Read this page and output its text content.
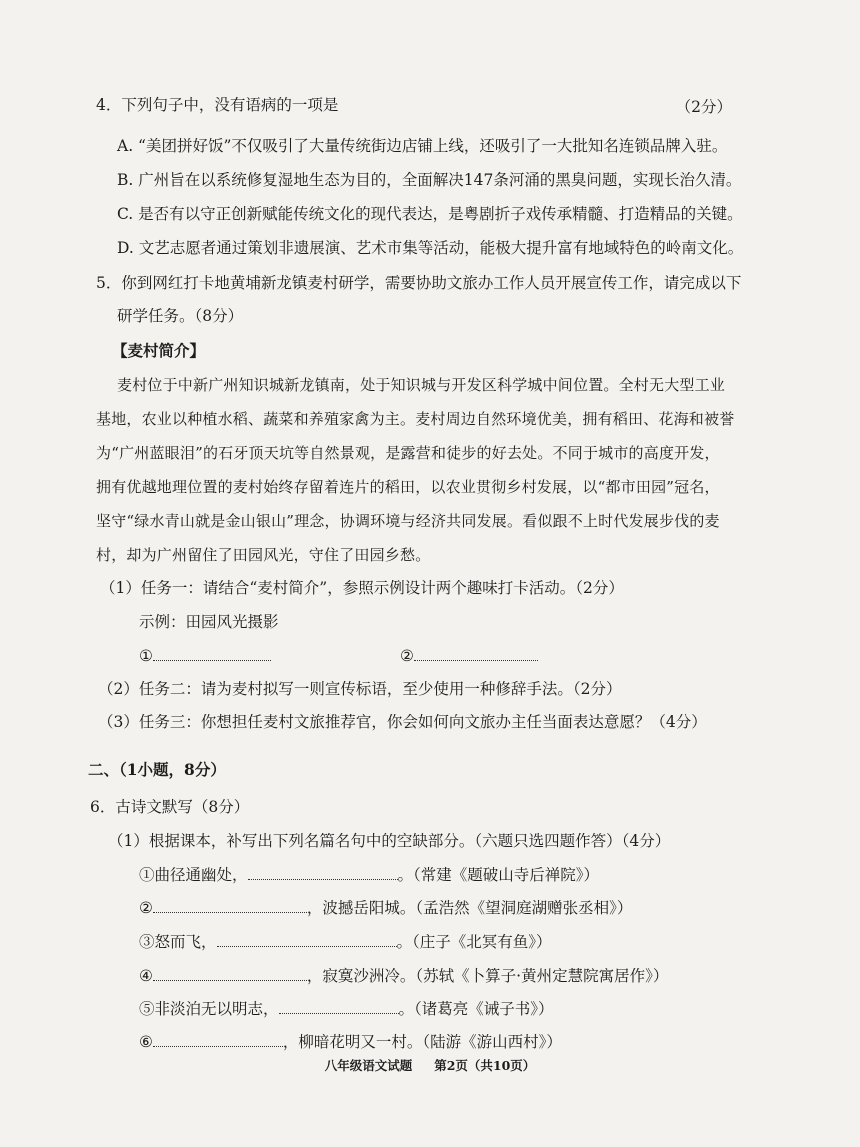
4．下列句子中，没有语病的一项是	（2分）
A. “美团拼好饭”不仅吸引了大量传统街边店铺上线，还吸引了一大批知名连锁品牌入驻。
B. 广州旨在以系统修复湿地生态为目的，全面解决147条河涌的黑臭问题，实现长治久清。
C. 是否有以守正创新赋能传统文化的现代表达，是粤剧折子戏传承精髓、打造精品的关键。
D. 文艺志愿者通过策划非遗展演、艺术市集等活动，能极大提升富有地域特色的岭南文化。
5．你到网红打卡地黄埔新龙镇麦村研学，需要协助文旅办工作人员开展宣传工作，请完成以下
研学任务。（8分）
【麦村简介】
麦村位于中新广州知识城新龙镇南，处于知识城与开发区科学城中间位置。全村无大型工业
基地，农业以种植水稻、蔬菜和养殖家禽为主。麦村周边自然环境优美，拥有稻田、花海和被誉
为“广州蓝眼泪”的石牙顶天坑等自然景观，是露营和徒步的好去处。不同于城市的高度开发，
拥有优越地理位置的麦村始终存留着连片的稻田，以农业贯彻乡村发展，以“都市田园”冠名，
坚守“绿水青山就是金山银山”理念，协调环境与经济共同发展。看似跟不上时代发展步伐的麦
村，却为广州留住了田园风光，守住了田园乡愁。
（1）任务一：请结合“麦村简介”，参照示例设计两个趣味打卡活动。（2分）
示例：田园风光摄影
①	②
（2）任务二：请为麦村拟写一则宣传标语，至少使用一种修辞手法。（2分）
（3）任务三：你想担任麦村文旅推荐官，你会如何向文旅办主任当面表达意愿？（4分）
二、（1小题，8分）
6．古诗文默写（8分）
（1）根据课本，补写出下列名篇名句中的空缺部分。（六题只选四题作答）（4分）
①曲径通幽处，	。（常建《题破山寺后禅院》）
②	，波撼岳阳城。（孟浩然《望洞庭湖赠张丞相》）
③怒而飞，	。（庄子《北冥有鱼》）
④	，寂寞沙洲冷。（苏轼《卜算子·黄州定慧院寓居作》）
⑤非淡泊无以明志，	。（诸葛亮《诫子书》）
⑥	，柳暗花明又一村。（陆游《游山西村》）
八年级语文试题 第2页（共10页）
